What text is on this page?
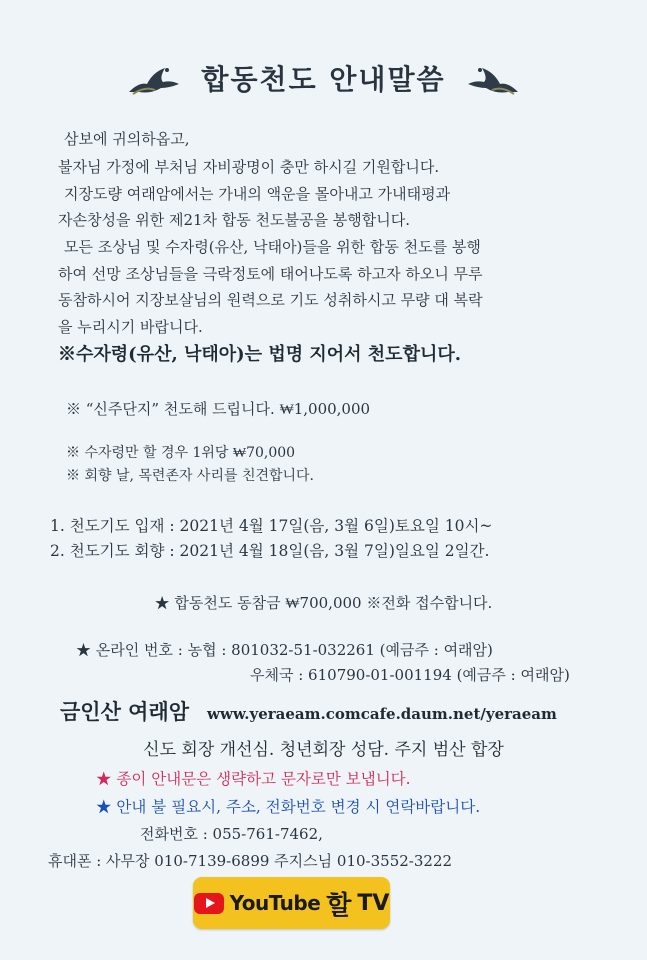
합동천도 안내말씀
삼보에 귀의하옵고,
불자님 가정에 부처님 자비광명이 충만 하시길 기원합니다.
지장도량 여래암에서는 가내의 액운을 몰아내고 가내태평과
자손창성을 위한 제21차 합동 천도불공을 봉행합니다.
모든 조상님 및 수자령(유산, 낙태아)들을 위한 합동 천도를 봉행
하여 선망 조상님들을 극락정토에 태어나도록 하고자 하오니 무루
동참하시어 지장보살님의 원력으로 기도 성취하시고 무량 대 복락
을 누리시기 바랍니다.
※수자령(유산, 낙태아)는 법명 지어서 천도합니다.
※ “신주단지” 천도해 드립니다. ₩1,000,000
※ 수자령만 할 경우 1위당 ₩70,000
※ 회향 날, 목련존자 사리를 친견합니다.
1. 천도기도 입재 : 2021년 4월 17일(음, 3월 6일)토요일 10시~
2. 천도기도 회향 : 2021년 4월 18일(음, 3월 7일)일요일 2일간.
★ 합동천도 동참금 ₩700,000 ※전화 접수합니다.
★ 온라인 번호 : 농협 : 801032-51-032261 (예금주 : 여래암)
우체국 : 610790-01-001194 (예금주 : 여래암)
금인산 여래암 www.yeraeam.comcafe.daum.net/yeraeam
신도 회장 개선심. 청년회장 성담. 주지 범산 합장
★ 종이 안내문은 생략하고 문자로만 보냅니다.
★ 안내 불 필요시, 주소, 전화번호 변경 시 연락바랍니다.
전화번호 : 055-761-7462,
휴대폰 : 사무장 010-7139-6899 주지스님 010-3552-3222
YouTube 할 TV
